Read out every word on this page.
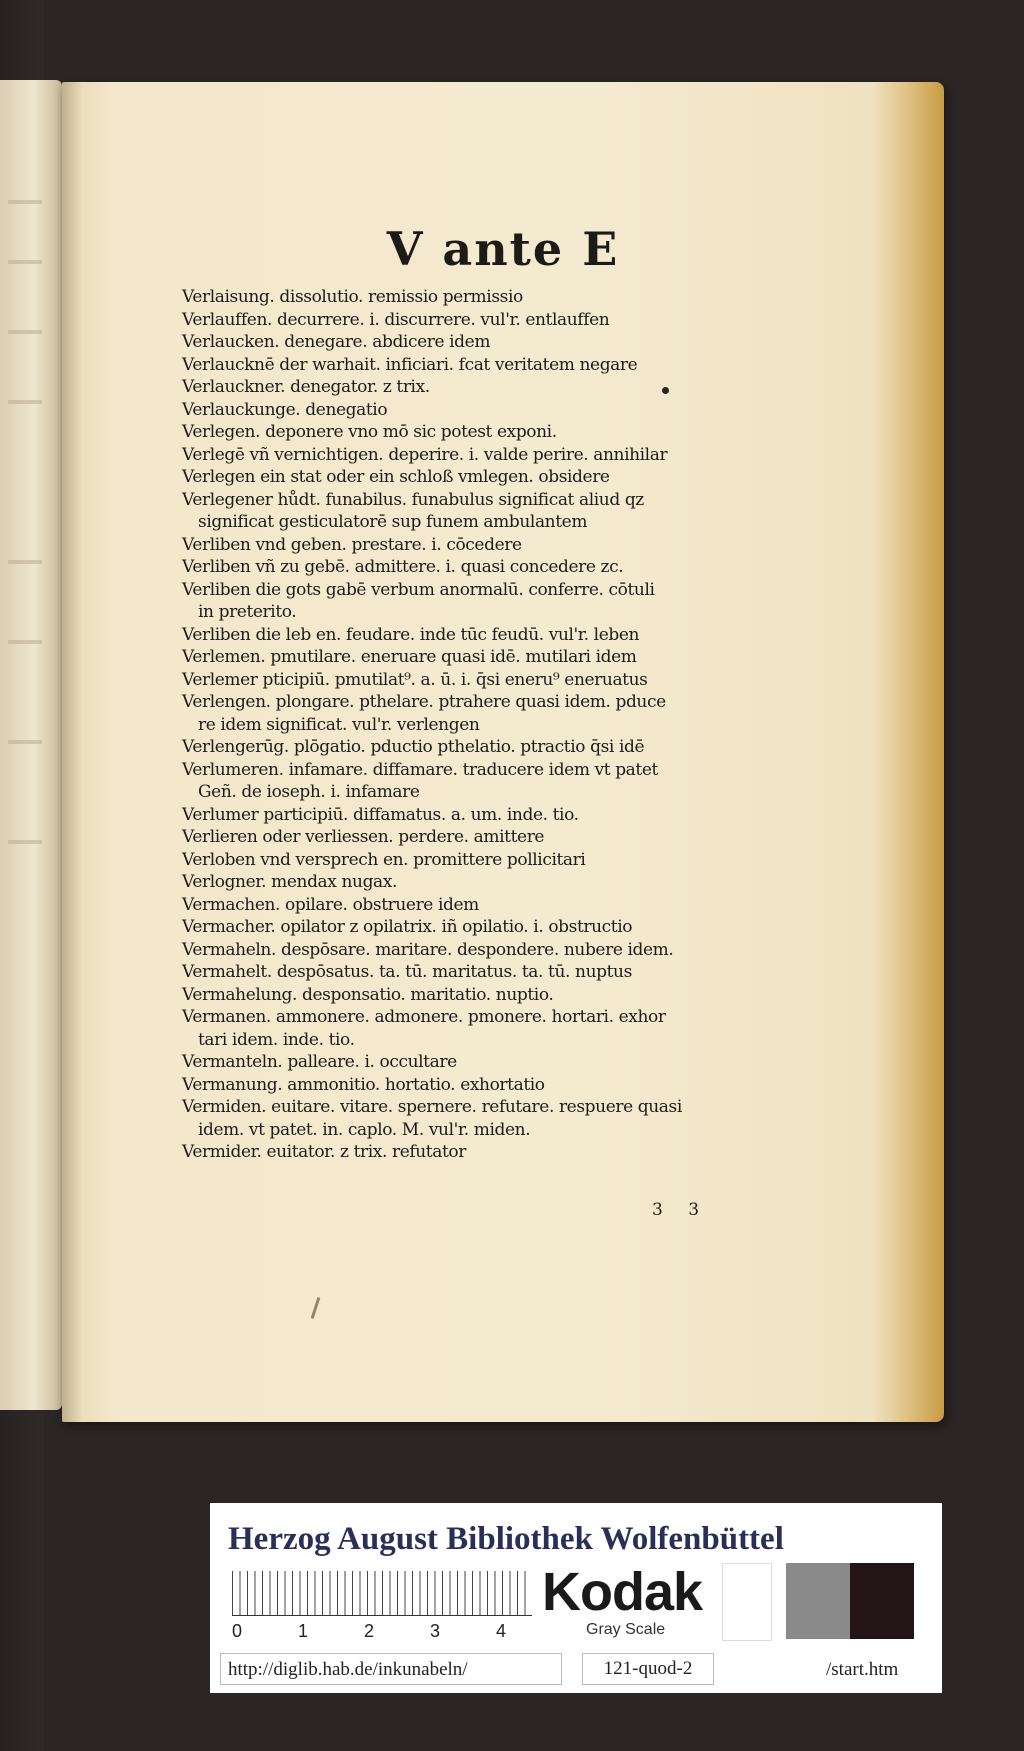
V ante E
Verlaisung. dissolutio. remissio permissio
Verlauffen. decurrere. i. discurrere. vul'r. entlauffen
Verlaucken. denegare. abdicere idem
Verlaucknē der warhait. inficiari. fcat veritatem negare
Verlauckner. denegator. z trix.
Verlauckunge. denegatio
Verlegen. deponere vno mō sic potest exponi.
Verlegē vñ vernichtigen. deperire. i. valde perire. annihilar
Verlegen ein stat oder ein schloß vmlegen. obsidere
Verlegener hůdt. funabilus. funabulus significat aliud qz
significat gesticulatorē sup funem ambulantem
Verliben vnd geben. prestare. i. cōcedere
Verliben vñ zu gebē. admittere. i. quasi concedere zc.
Verliben die gots gabē verbum anormalū. conferre. cōtuli
in preterito.
Verliben die leb en. feudare. inde tūc feudū. vul'r. leben
Verlemen. pmutilare. eneruare quasi idē. mutilari idem
Verlemer pticipiū. pmutilat⁹. a. ū. i. q̄si eneru⁹ eneruatus
Verlengen. plongare. pthelare. ptrahere quasi idem. pduce
re idem significat. vul'r. verlengen
Verlengerūg. plōgatio. pductio pthelatio. ptractio q̄si idē
Verlumeren. infamare. diffamare. traducere idem vt patet
Geñ. de ioseph. i. infamare
Verlumer participiū. diffamatus. a. um. inde. tio.
Verlieren oder verliessen. perdere. amittere
Verloben vnd versprech en. promittere pollicitari
Verlogner. mendax nugax.
Vermachen. opilare. obstruere idem
Vermacher. opilator z opilatrix. iñ opilatio. i. obstructio
Vermaheln. despōsare. maritare. despondere. nubere idem.
Vermahelt. despōsatus. ta. tū. maritatus. ta. tū. nuptus
Vermahelung. desponsatio. maritatio. nuptio.
Vermanen. ammonere. admonere. pmonere. hortari. exhor
tari idem. inde. tio.
Vermanteln. palleare. i. occultare
Vermanung. ammonitio. hortatio. exhortatio
Vermiden. euitare. vitare. spernere. refutare. respuere quasi
idem. vt patet. in. caplo. M. vul'r. miden.
Vermider. euitator. z trix. refutator
3 3
Herzog August Bibliothek Wolfenbüttel
0	1	2	3	4
Kodak
Gray Scale
http://diglib.hab.de/inkunabeln/	121-quod-2	/start.htm
